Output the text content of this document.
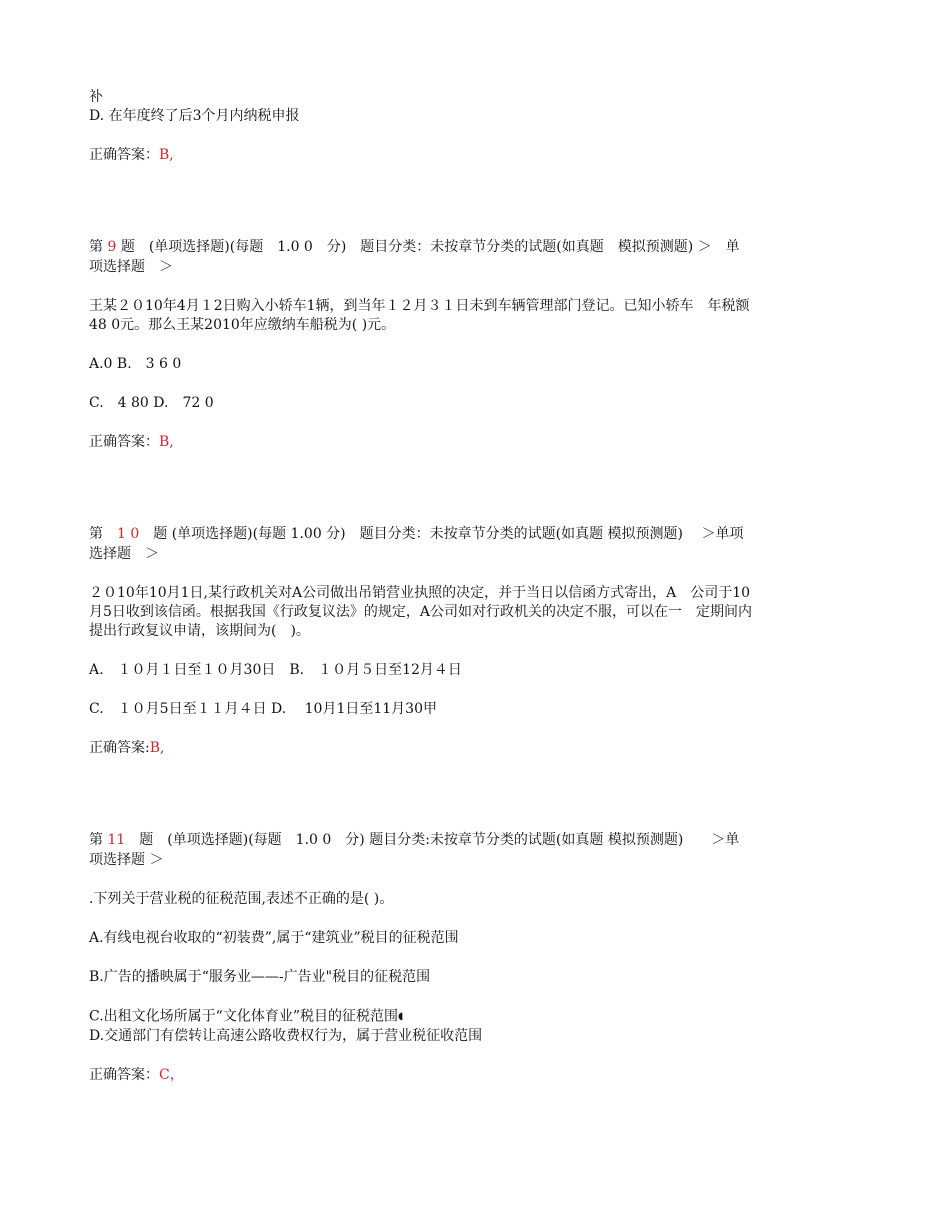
补
D. 在年度终了后3个月内纳税申报
正确答案：B,
第 9 题　(单项选择题)(每题　1.0 0　分)　题目分类：未按章节分类的试题(如真题　模拟预测题) ＞　单
项选择题　＞
王某２０10年4月１2日购入小轿车1辆，到当年１２月３１日未到车辆管理部门登记。已知小轿车　年税额
48 0元。那么王某2010年应缴纳车船税为( )元。
A.0 B.　3 6 0
C.　4 80 D.　72 0
正确答案：B,
第　1 0　题 (单项选择题)(每题 1.00 分)　题目分类：未按章节分类的试题(如真题 模拟预测题)　 ＞单项
选择题　＞
２０10年10月1日,某行政机关对A公司做出吊销营业执照的决定，并于当日以信函方式寄出，A　公司于10
月5日收到该信函。根据我国《行政复议法》的规定，A公司如对行政机关的决定不服，可以在一　定期间内
提出行政复议申请，该期间为(　)。
A.　１０月１日至１０月30日　B.　１０月５日至12月４日
C.　１０月5日至１１月４日 D.　 10月1日至11月30甲
正确答案:B,
第 11　题　(单项选择题)(每题　1.0 0　分) 题目分类:未按章节分类的试题(如真题 模拟预测题)　　＞单
项选择题 ＞
.下列关于营业税的征税范围,表述不正确的是( )。
A.有线电视台收取的“初装费”,属于“建筑业”税目的征税范围
B.广告的播映属于“服务业——-广告业"税目的征税范围
C.出租文化场所属于“文化体育业”税目的征税范围◖
D.交通部门有偿转让高速公路收费权行为，属于营业税征收范围
正确答案：C，
